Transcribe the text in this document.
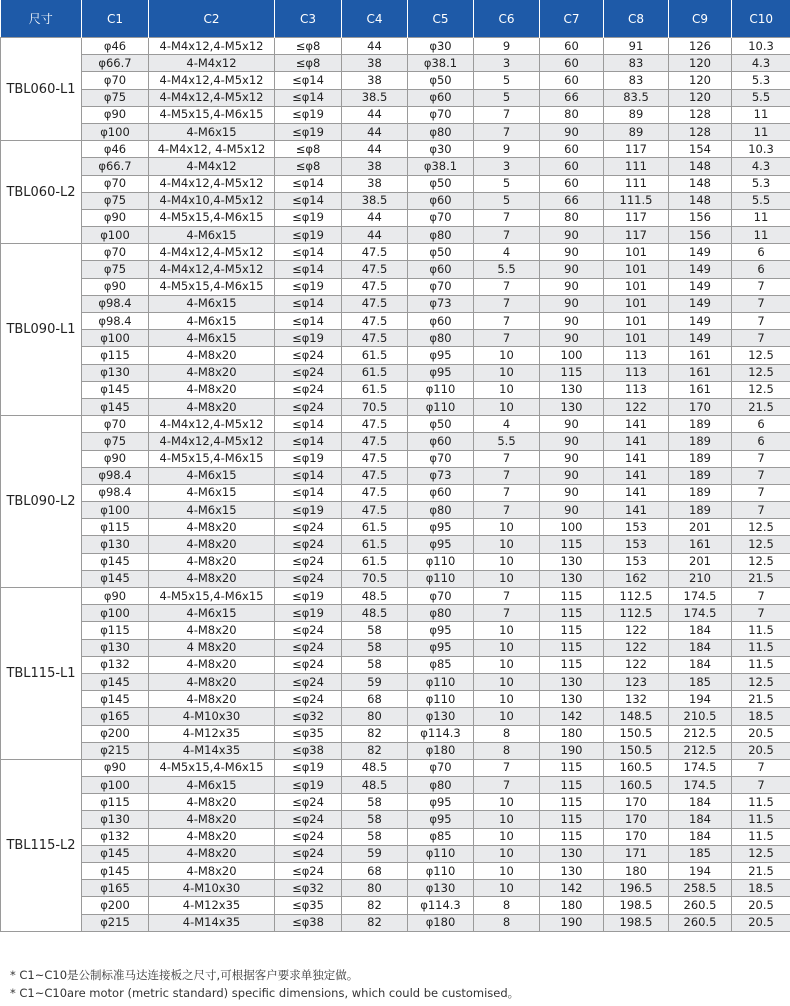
尺寸	C1	C2	C3	C4	C5	C6	C7	C8	C9	C10
TBL060-L1	φ46	4-M4x12,4-M5x12	≤φ8	44	φ30	9	60	91	126	10.3
	φ66.7	4-M4x12	≤φ8	38	φ38.1	3	60	83	120	4.3
	φ70	4-M4x12,4-M5x12	≤φ14	38	φ50	5	60	83	120	5.3
	φ75	4-M4x12,4-M5x12	≤φ14	38.5	φ60	5	66	83.5	120	5.5
	φ90	4-M5x15,4-M6x15	≤φ19	44	φ70	7	80	89	128	11
	φ100	4-M6x15	≤φ19	44	φ80	7	90	89	128	11
TBL060-L2	φ46	4-M4x12, 4-M5x12	≤φ8	44	φ30	9	60	117	154	10.3
	φ66.7	4-M4x12	≤φ8	38	φ38.1	3	60	111	148	4.3
	φ70	4-M4x12,4-M5x12	≤φ14	38	φ50	5	60	111	148	5.3
	φ75	4-M4x10,4-M5x12	≤φ14	38.5	φ60	5	66	111.5	148	5.5
	φ90	4-M5x15,4-M6x15	≤φ19	44	φ70	7	80	117	156	11
	φ100	4-M6x15	≤φ19	44	φ80	7	90	117	156	11
TBL090-L1	φ70	4-M4x12,4-M5x12	≤φ14	47.5	φ50	4	90	101	149	6
	φ75	4-M4x12,4-M5x12	≤φ14	47.5	φ60	5.5	90	101	149	6
	φ90	4-M5x15,4-M6x15	≤φ19	47.5	φ70	7	90	101	149	7
	φ98.4	4-M6x15	≤φ14	47.5	φ73	7	90	101	149	7
	φ98.4	4-M6x15	≤φ14	47.5	φ60	7	90	101	149	7
	φ100	4-M6x15	≤φ19	47.5	φ80	7	90	101	149	7
	φ115	4-M8x20	≤φ24	61.5	φ95	10	100	113	161	12.5
	φ130	4-M8x20	≤φ24	61.5	φ95	10	115	113	161	12.5
	φ145	4-M8x20	≤φ24	61.5	φ110	10	130	113	161	12.5
	φ145	4-M8x20	≤φ24	70.5	φ110	10	130	122	170	21.5
TBL090-L2	φ70	4-M4x12,4-M5x12	≤φ14	47.5	φ50	4	90	141	189	6
	φ75	4-M4x12,4-M5x12	≤φ14	47.5	φ60	5.5	90	141	189	6
	φ90	4-M5x15,4-M6x15	≤φ19	47.5	φ70	7	90	141	189	7
	φ98.4	4-M6x15	≤φ14	47.5	φ73	7	90	141	189	7
	φ98.4	4-M6x15	≤φ14	47.5	φ60	7	90	141	189	7
	φ100	4-M6x15	≤φ19	47.5	φ80	7	90	141	189	7
	φ115	4-M8x20	≤φ24	61.5	φ95	10	100	153	201	12.5
	φ130	4-M8x20	≤φ24	61.5	φ95	10	115	153	161	12.5
	φ145	4-M8x20	≤φ24	61.5	φ110	10	130	153	201	12.5
	φ145	4-M8x20	≤φ24	70.5	φ110	10	130	162	210	21.5
TBL115-L1	φ90	4-M5x15,4-M6x15	≤φ19	48.5	φ70	7	115	112.5	174.5	7
	φ100	4-M6x15	≤φ19	48.5	φ80	7	115	112.5	174.5	7
	φ115	4-M8x20	≤φ24	58	φ95	10	115	122	184	11.5
	φ130	4 M8x20	≤φ24	58	φ95	10	115	122	184	11.5
	φ132	4-M8x20	≤φ24	58	φ85	10	115	122	184	11.5
	φ145	4-M8x20	≤φ24	59	φ110	10	130	123	185	12.5
	φ145	4-M8x20	≤φ24	68	φ110	10	130	132	194	21.5
	φ165	4-M10x30	≤φ32	80	φ130	10	142	148.5	210.5	18.5
	φ200	4-M12x35	≤φ35	82	φ114.3	8	180	150.5	212.5	20.5
	φ215	4-M14x35	≤φ38	82	φ180	8	190	150.5	212.5	20.5
TBL115-L2	φ90	4-M5x15,4-M6x15	≤φ19	48.5	φ70	7	115	160.5	174.5	7
	φ100	4-M6x15	≤φ19	48.5	φ80	7	115	160.5	174.5	7
	φ115	4-M8x20	≤φ24	58	φ95	10	115	170	184	11.5
	φ130	4-M8x20	≤φ24	58	φ95	10	115	170	184	11.5
	φ132	4-M8x20	≤φ24	58	φ85	10	115	170	184	11.5
	φ145	4-M8x20	≤φ24	59	φ110	10	130	171	185	12.5
	φ145	4-M8x20	≤φ24	68	φ110	10	130	180	194	21.5
	φ165	4-M10x30	≤φ32	80	φ130	10	142	196.5	258.5	18.5
	φ200	4-M12x35	≤φ35	82	φ114.3	8	180	198.5	260.5	20.5
	φ215	4-M14x35	≤φ38	82	φ180	8	190	198.5	260.5	20.5
* C1~C10是公制标准马达连接板之尺寸,可根据客户要求单独定做。
* C1~C10are motor (metric standard) specific dimensions, which could be customised。
